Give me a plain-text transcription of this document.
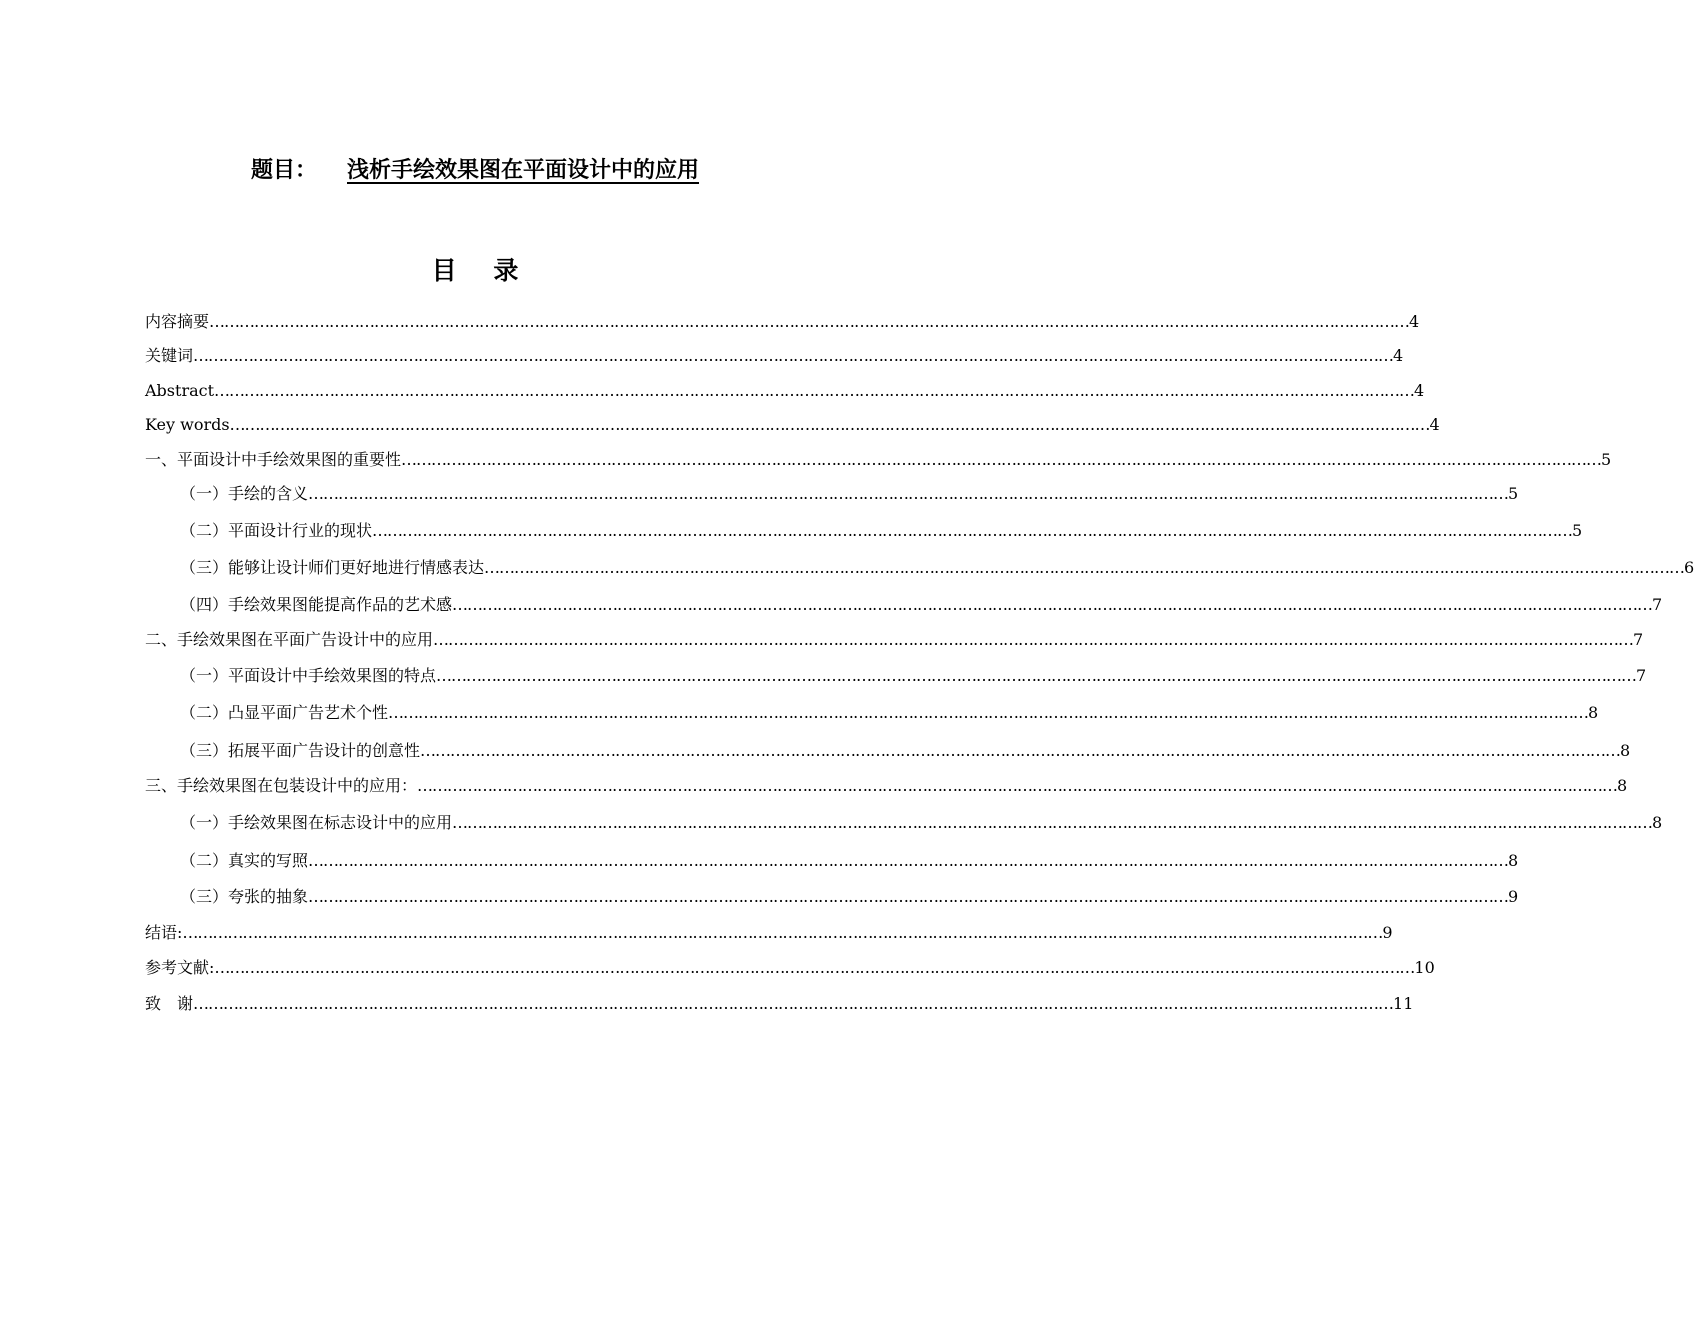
题目： 浅析手绘效果图在平面设计中的应用
目 录
内容摘要 …………………………………………………………………………………………………………………………………………………………………………………………………………………… 4
关键词 …………………………………………………………………………………………………………………………………………………………………………………………………………………… 4
Abstract …………………………………………………………………………………………………………………………………………………………………………………………………………………… 4
Key words …………………………………………………………………………………………………………………………………………………………………………………………………………………… 4
一、平面设计中手绘效果图的重要性 …………………………………………………………………………………………………………………………………………………………………………………………………………………… 5
（一）手绘的含义 …………………………………………………………………………………………………………………………………………………………………………………………………………………… 5
（二）平面设计行业的现状 …………………………………………………………………………………………………………………………………………………………………………………………………………………… 5
（三）能够让设计师们更好地进行情感表达 …………………………………………………………………………………………………………………………………………………………………………………………………………………… 6
（四）手绘效果图能提高作品的艺术感 …………………………………………………………………………………………………………………………………………………………………………………………………………………… 7
二、手绘效果图在平面广告设计中的应用 …………………………………………………………………………………………………………………………………………………………………………………………………………………… 7
（一）平面设计中手绘效果图的特点 …………………………………………………………………………………………………………………………………………………………………………………………………………………… 7
（二）凸显平面广告艺术个性 …………………………………………………………………………………………………………………………………………………………………………………………………………………… 8
（三）拓展平面广告设计的创意性 …………………………………………………………………………………………………………………………………………………………………………………………………………………… 8
三、手绘效果图在包装设计中的应用： …………………………………………………………………………………………………………………………………………………………………………………………………………………… 8
（一）手绘效果图在标志设计中的应用 …………………………………………………………………………………………………………………………………………………………………………………………………………………… 8
（二）真实的写照 …………………………………………………………………………………………………………………………………………………………………………………………………………………… 8
（三）夸张的抽象 …………………………………………………………………………………………………………………………………………………………………………………………………………………… 9
结语: …………………………………………………………………………………………………………………………………………………………………………………………………………………… 9
参考文献: …………………………………………………………………………………………………………………………………………………………………………………………………………………… 10
致　谢 …………………………………………………………………………………………………………………………………………………………………………………………………………………… 11
